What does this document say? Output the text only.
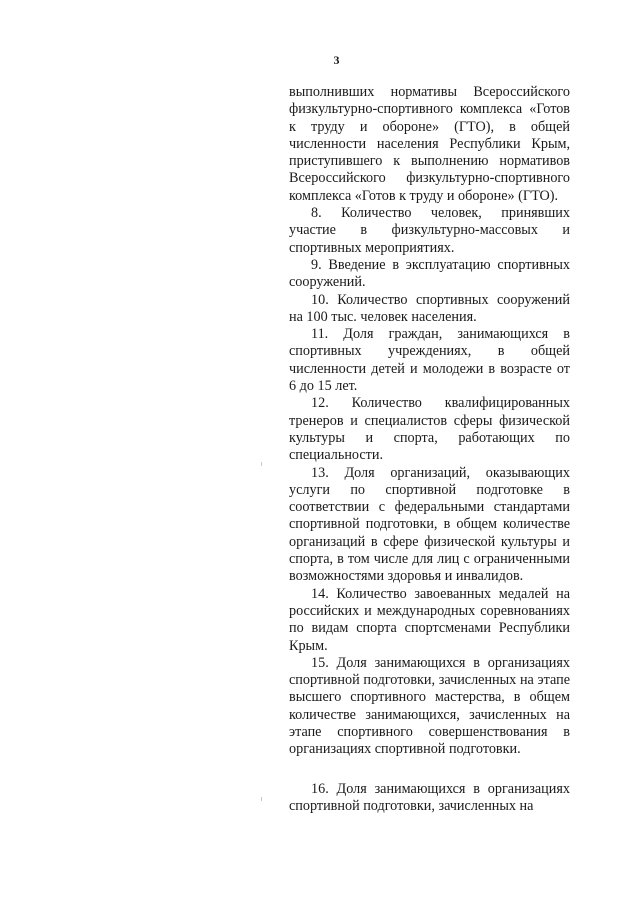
3

выполнивших нормативы Всероссийского физкультурно-спортивного комплекса «Готов к труду и обороне» (ГТО), в общей численности населения Республики Крым, приступившего к выполнению нормативов Всероссийского физкультурно-спортивного комплекса «Готов к труду и обороне» (ГТО).

8. Количество человек, принявших участие в физкультурно-массовых и спортивных мероприятиях.

9. Введение в эксплуатацию спортивных сооружений.

10. Количество спортивных сооружений на 100 тыс. человек населения.

11. Доля граждан, занимающихся в спортивных учреждениях, в общей численности детей и молодежи в возрасте от 6 до 15 лет.

12. Количество квалифицированных тренеров и специалистов сферы физической культуры и спорта, работающих по специальности.

13. Доля организаций, оказывающих услуги по спортивной подготовке в соответствии с федеральными стандартами спортивной подготовки, в общем количестве организаций в сфере физической культуры и спорта, в том числе для лиц с ограниченными возможностями здоровья и инвалидов.

14. Количество завоеванных медалей на российских и международных соревнованиях по видам спорта спортсменами Республики Крым.

15. Доля занимающихся в организациях спортивной подготовки, зачисленных на этапе высшего спортивного мастерства, в общем количестве занимающихся, зачисленных на этапе спортивного совершенствования в организациях спортивной подготовки.

16. Доля занимающихся в организациях спортивной подготовки, зачисленных на
